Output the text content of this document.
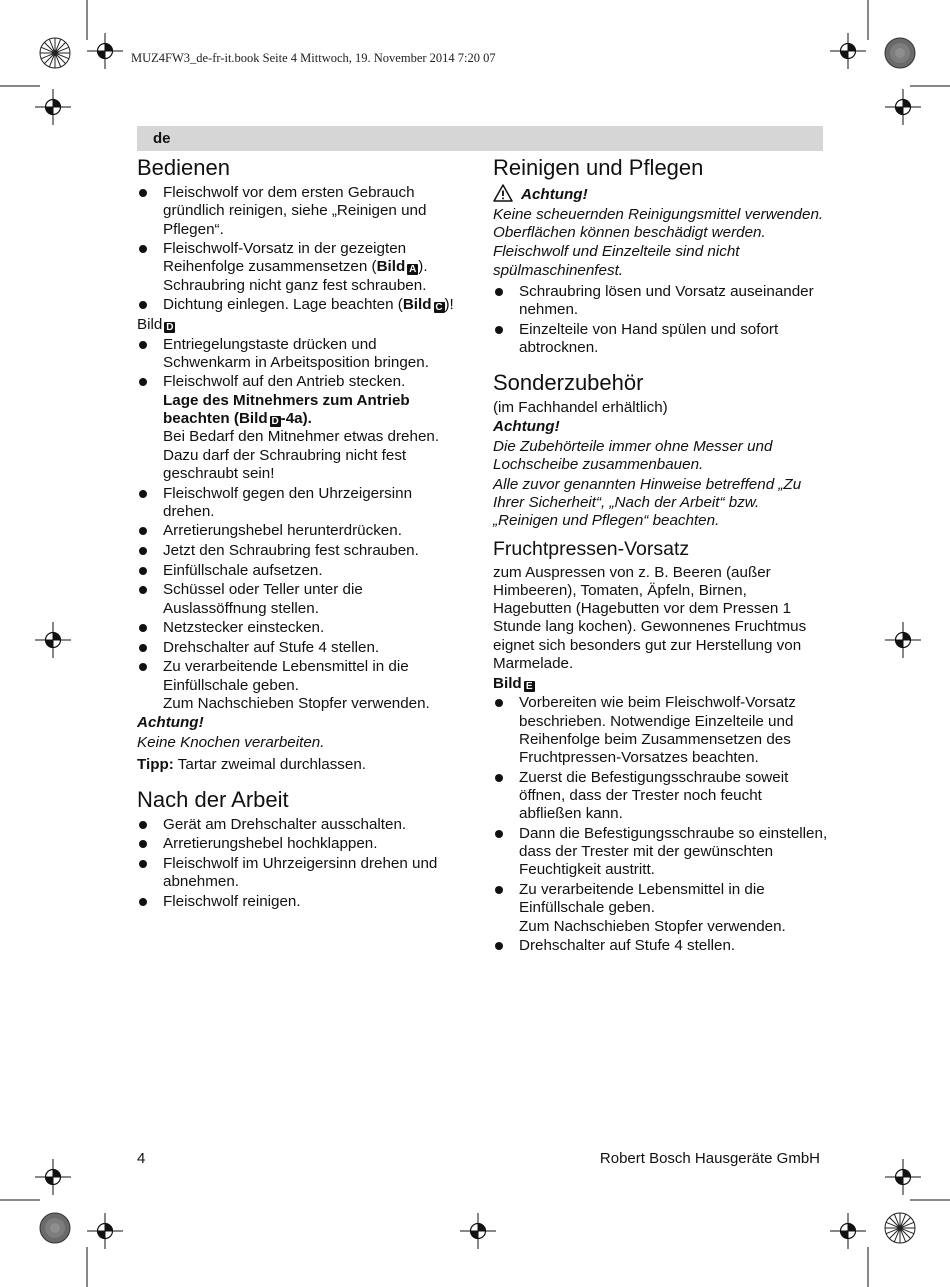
MUZ4FW3_de-fr-it.book Seite 4 Mittwoch, 19. November 2014 7:20 07
de
Bedienen
Fleischwolf vor dem ersten Gebrauch gründlich reinigen, siehe „Reinigen und Pflegen“.
Fleischwolf-Vorsatz in der gezeigten Reihenfolge zusammensetzen (Bild A ). Schraubring nicht ganz fest schrauben.
Dichtung einlegen. Lage beachten (Bild C )!

Bild D

Entriegelungstaste drücken und Schwenkarm in Arbeitsposition bringen.
Fleischwolf auf den Antrieb stecken.
Lage des Mitnehmers zum Antrieb beachten (Bild D -4a).
Bei Bedarf den Mitnehmer etwas drehen. Dazu darf der Schraubring nicht fest geschraubt sein!
Fleischwolf gegen den Uhrzeigersinn drehen.
Arretierungshebel herunterdrücken.
Jetzt den Schraubring fest schrauben.
Einfüllschale aufsetzen.
Schüssel oder Teller unter die Auslassöffnung stellen.
Netzstecker einstecken.
Drehschalter auf Stufe 4 stellen.
Zu verarbeitende Lebensmittel in die Einfüllschale geben.
Zum Nachschieben Stopfer verwenden.

Achtung!

Keine Knochen verarbeiten.

Tipp: Tartar zweimal durchlassen.

Nach der Arbeit
Gerät am Drehschalter ausschalten.
Arretierungshebel hochklappen.
Fleischwolf im Uhrzeigersinn drehen und abnehmen.
Fleischwolf reinigen.
Reinigen und Pflegen

Achtung!

Keine scheuernden Reinigungsmittel verwenden. Oberflächen können beschädigt werden.

Fleischwolf und Einzelteile sind nicht spülmaschinenfest.

Schraubring lösen und Vorsatz auseinander nehmen.
Einzelteile von Hand spülen und sofort abtrocknen.
Sonderzubehör

(im Fachhandel erhältlich)

Achtung!

Die Zubehörteile immer ohne Messer und Lochscheibe zusammenbauen.

Alle zuvor genannten Hinweise betreffend „Zu Ihrer Sicherheit“, „Nach der Arbeit“ bzw. „Reinigen und Pflegen“ beachten.

Fruchtpressen-Vorsatz

zum Auspressen von z. B. Beeren (außer Himbeeren), Tomaten, Äpfeln, Birnen, Hagebutten (Hagebutten vor dem Pressen 1 Stunde lang kochen). Gewonnenes Fruchtmus eignet sich besonders gut zur Herstellung von Marmelade.

Bild E

Vorbereiten wie beim Fleischwolf-Vorsatz beschrieben. Notwendige Einzelteile und Reihenfolge beim Zusammensetzen des Fruchtpressen-Vorsatzes beachten.
Zuerst die Befestigungsschraube soweit öffnen, dass der Trester noch feucht abfließen kann.
Dann die Befestigungsschraube so einstellen, dass der Trester mit der gewünschten Feuchtigkeit austritt.
Zu verarbeitende Lebensmittel in die Einfüllschale geben.
Zum Nachschieben Stopfer verwenden.
Drehschalter auf Stufe 4 stellen.
4	Robert Bosch Hausgeräte GmbH
